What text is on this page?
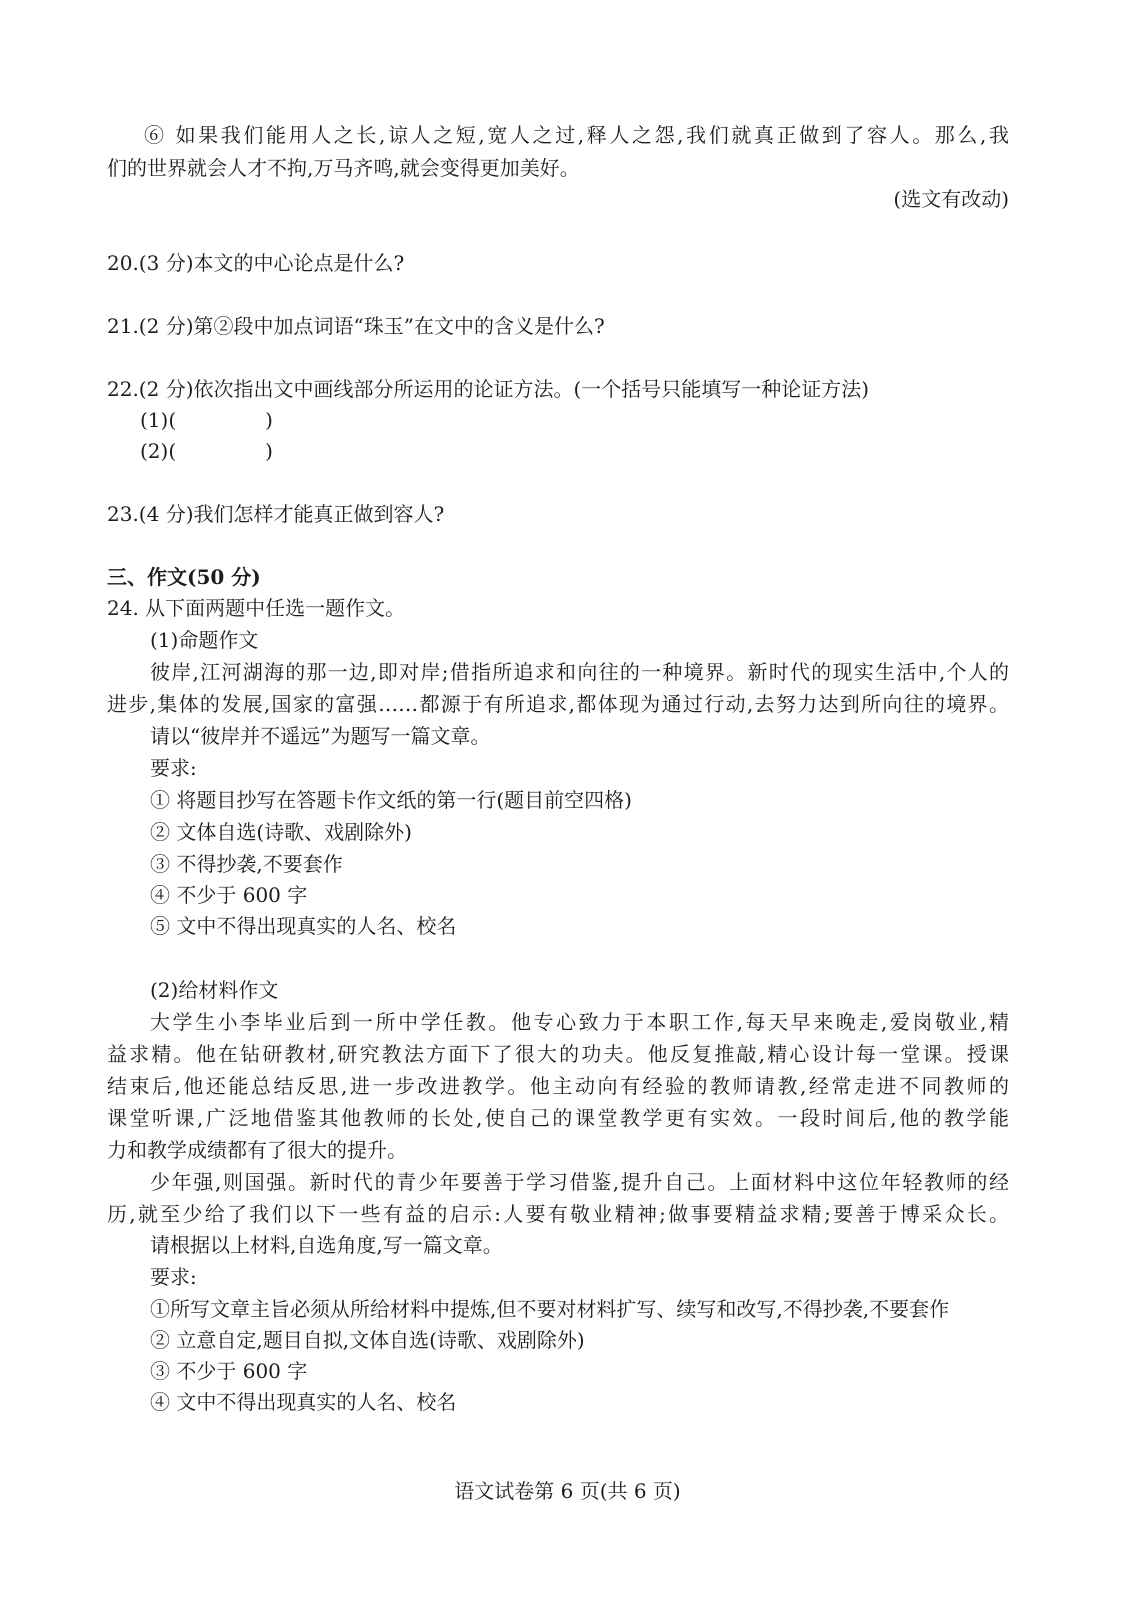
⑥ 如果我们能用人之长,谅人之短,宽人之过,释人之怨,我们就真正做到了容人。那么,我
们的世界就会人才不拘,万马齐鸣,就会变得更加美好。
(选文有改动)
20.(3 分)本文的中心论点是什么?
21.(2 分)第②段中加点词语“珠玉”在文中的含义是什么?
22.(2 分)依次指出文中画线部分所运用的论证方法。(一个括号只能填写一种论证方法)
(1)(              )
(2)(              )
23.(4 分)我们怎样才能真正做到容人?
三、作文(50 分)
24. 从下面两题中任选一题作文。
(1)命题作文
彼岸,江河湖海的那一边,即对岸;借指所追求和向往的一种境界。新时代的现实生活中,个人的
进步,集体的发展,国家的富强……都源于有所追求,都体现为通过行动,去努力达到所向往的境界。
请以“彼岸并不遥远”为题写一篇文章。
要求:
① 将题目抄写在答题卡作文纸的第一行(题目前空四格)
② 文体自选(诗歌、戏剧除外)
③ 不得抄袭,不要套作
④ 不少于 600 字
⑤ 文中不得出现真实的人名、校名
(2)给材料作文
大学生小李毕业后到一所中学任教。他专心致力于本职工作,每天早来晚走,爱岗敬业,精
益求精。他在钻研教材,研究教法方面下了很大的功夫。他反复推敲,精心设计每一堂课。授课
结束后,他还能总结反思,进一步改进教学。他主动向有经验的教师请教,经常走进不同教师的
课堂听课,广泛地借鉴其他教师的长处,使自己的课堂教学更有实效。一段时间后,他的教学能
力和教学成绩都有了很大的提升。
少年强,则国强。新时代的青少年要善于学习借鉴,提升自己。上面材料中这位年轻教师的经
历,就至少给了我们以下一些有益的启示:人要有敬业精神;做事要精益求精;要善于博采众长。
请根据以上材料,自选角度,写一篇文章。
要求:
①所写文章主旨必须从所给材料中提炼,但不要对材料扩写、续写和改写,不得抄袭,不要套作
② 立意自定,题目自拟,文体自选(诗歌、戏剧除外)
③ 不少于 600 字
④ 文中不得出现真实的人名、校名
语文试卷第 6 页(共 6 页)
